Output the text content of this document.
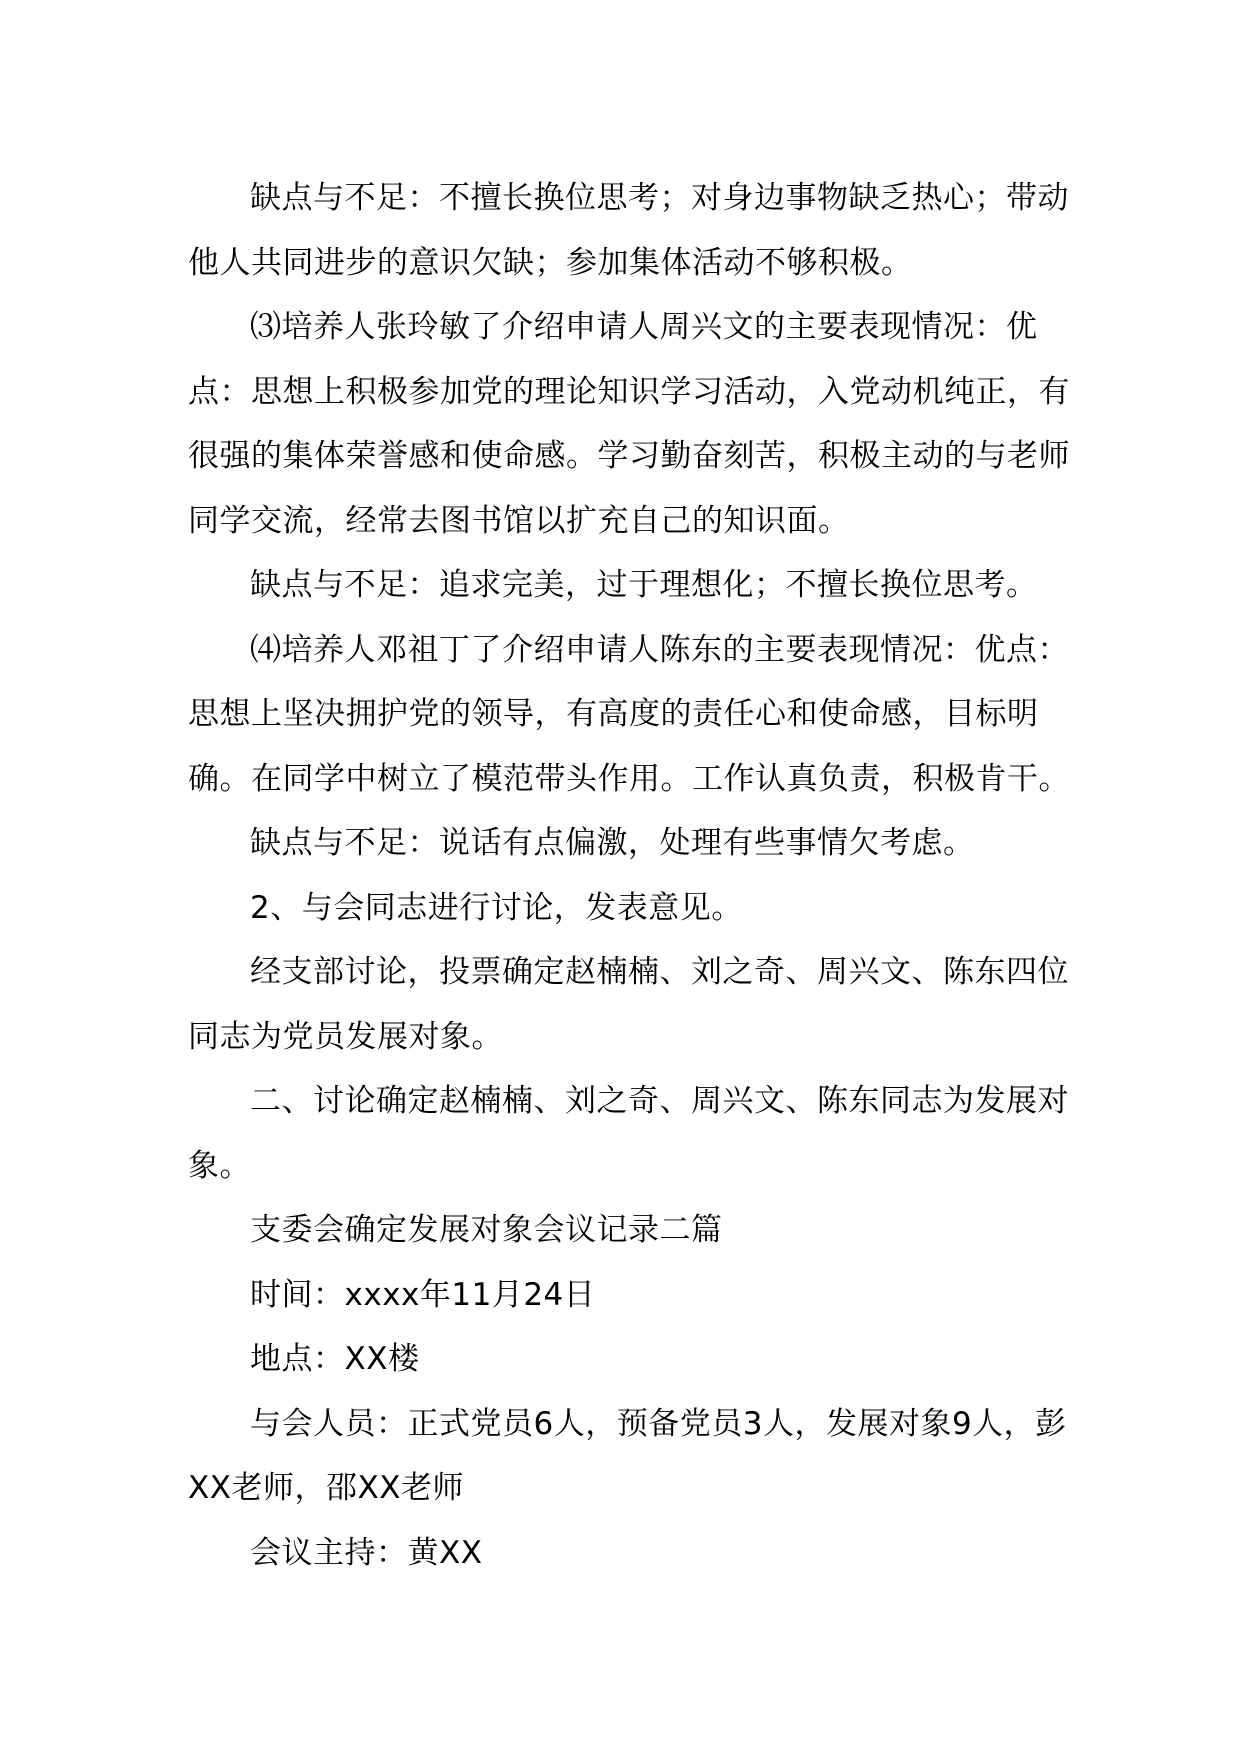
缺点与不足：不擅长换位思考；对身边事物缺乏热心；带动他人共同进步的意识欠缺；参加集体活动不够积极。

⑶培养人张玲敏了介绍申请人周兴文的主要表现情况：优点：思想上积极参加党的理论知识学习活动，入党动机纯正，有很强的集体荣誉感和使命感。学习勤奋刻苦，积极主动的与老师同学交流，经常去图书馆以扩充自己的知识面。

缺点与不足：追求完美，过于理想化；不擅长换位思考。

⑷培养人邓祖丁了介绍申请人陈东的主要表现情况：优点：思想上坚决拥护党的领导，有高度的责任心和使命感，目标明确。在同学中树立了模范带头作用。工作认真负责，积极肯干。

缺点与不足：说话有点偏激，处理有些事情欠考虑。

2、与会同志进行讨论，发表意见。

经支部讨论，投票确定赵楠楠、刘之奇、周兴文、陈东四位同志为党员发展对象。

二、讨论确定赵楠楠、刘之奇、周兴文、陈东同志为发展对象。

支委会确定发展对象会议记录二篇

时间：xxxx年11月24日

地点：XX楼

与会人员：正式党员6人，预备党员3人，发展对象9人，彭XX老师，邵XX老师

会议主持：黄XX
